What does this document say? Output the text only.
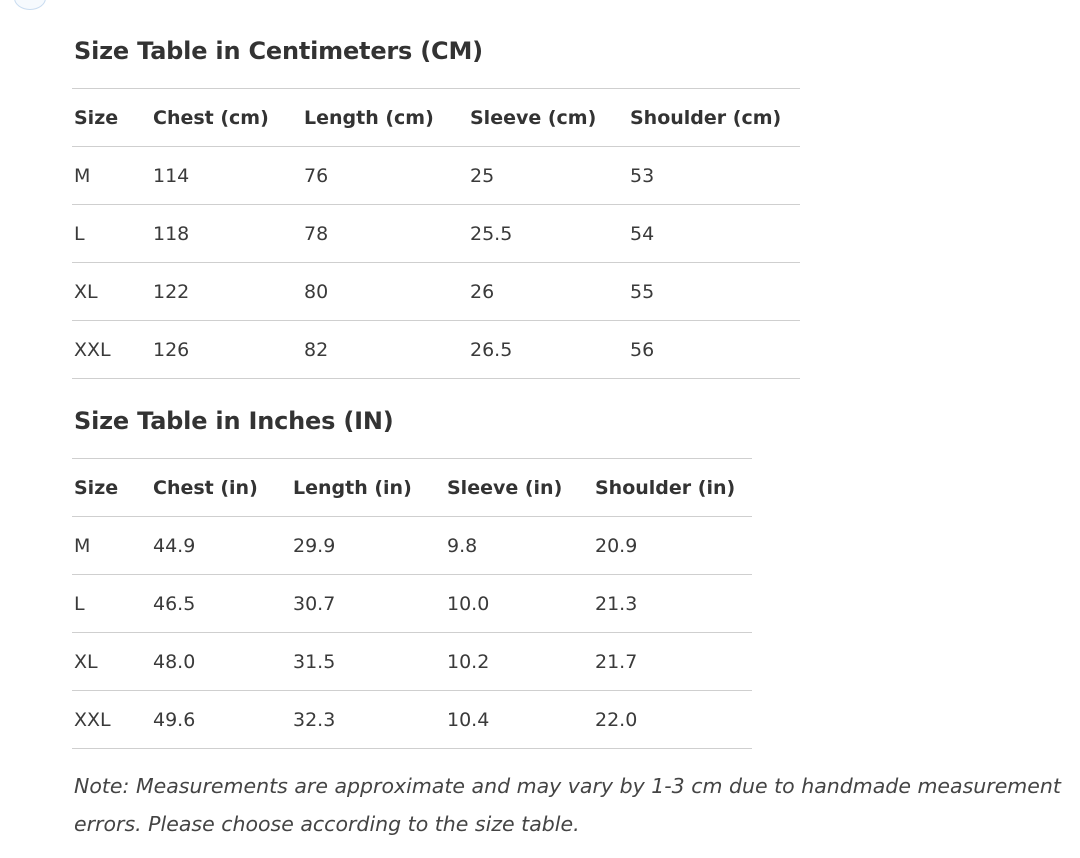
Size Table in Centimeters (CM)
Size	Chest (cm)	Length (cm)	Sleeve (cm)	Shoulder (cm)
M	114	76	25	53
L	118	78	25.5	54
XL	122	80	26	55
XXL	126	82	26.5	56
Size Table in Inches (IN)
Size	Chest (in)	Length (in)	Sleeve (in)	Shoulder (in)
M	44.9	29.9	9.8	20.9
L	46.5	30.7	10.0	21.3
XL	48.0	31.5	10.2	21.7
XXL	49.6	32.3	10.4	22.0

Note: Measurements are approximate and may vary by 1-3 cm due to handmade measurement errors. Please choose according to the size table.
